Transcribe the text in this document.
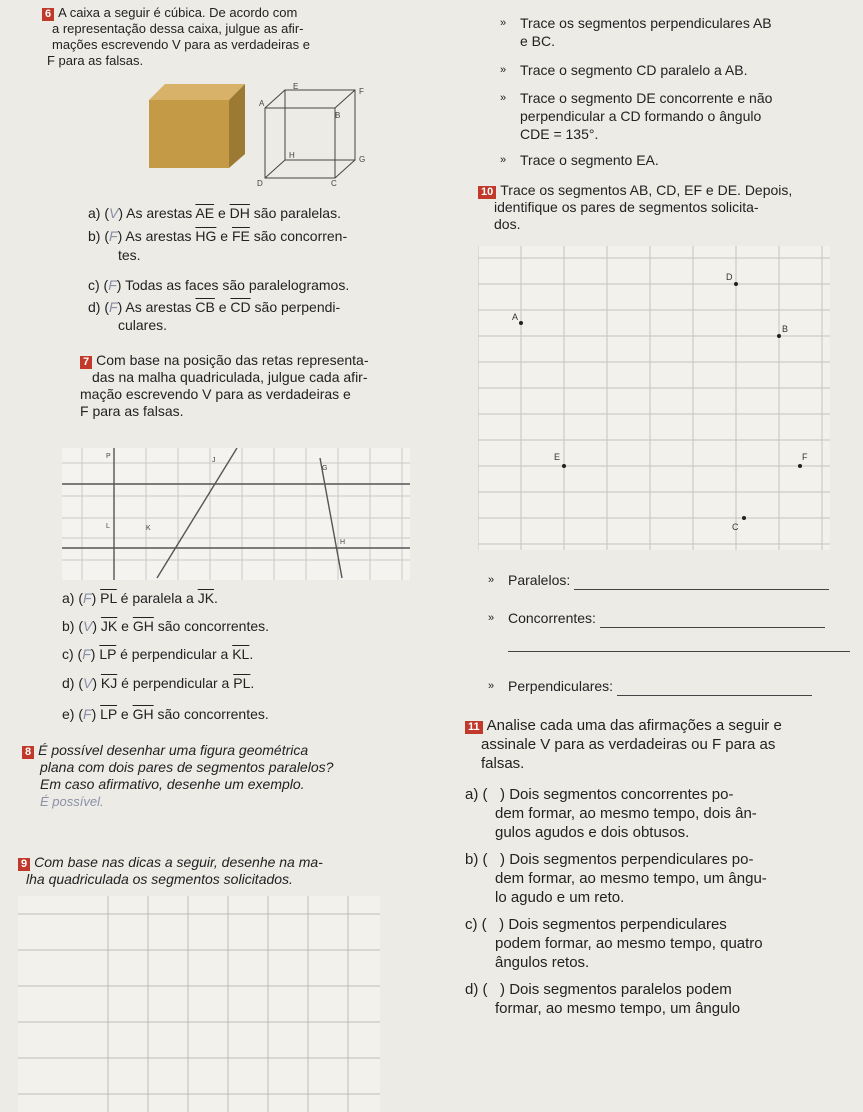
6 A caixa a seguir é cúbica. De acordo com
a representação dessa caixa, julgue as afir-
mações escrevendo V para as verdadeiras e
F para as falsas.
E
F
A
B
H	G
D	C
a) (V) As arestas $\overline{AE}$ e $\overline{DH}$ são paralelas.
b) (F) As arestas $\overline{HG}$ e $\overline{FE}$ são concorren-
tes.
c) (F) Todas as faces são paralelogramos.
d) (F) As arestas $\overline{CB}$ e $\overline{CD}$ são perpendi-
culares.
7 Com base na posição das retas representa-
das na malha quadriculada, julgue cada afir-
mação escrevendo V para as verdadeiras e
F para as falsas.
P
J
G
L	K
H
a) (F) $\overline{PL}$ é paralela a $\overline{JK}$.
b) (V) $\overline{JK}$ e $\overline{GH}$ são concorrentes.
c) (F) $\overline{LP}$ é perpendicular a $\overline{KL}$.
d) (V) $\overline{KJ}$ é perpendicular a $\overline{PL}$.
e) (F) $\overline{LP}$ e $\overline{GH}$ são concorrentes.
8 É possível desenhar uma figura geométrica
plana com dois pares de segmentos paralelos?
Em caso afirmativo, desenhe um exemplo.
É possível.
9 Com base nas dicas a seguir, desenhe na ma-
lha quadriculada os segmentos solicitados.
» Trace os segmentos perpendiculares AB
e BC.
» Trace o segmento CD paralelo a AB.
» Trace o segmento DE concorrente e não
perpendicular a CD formando o ângulo
CDE = 135°.
» Trace o segmento EA.
10 Trace os segmentos AB, CD, EF e DE. Depois,
identifique os pares de segmentos solicita-
dos.
D
A
B
E	F
C
» Paralelos:
» Concorrentes:

» Perpendiculares:
11 Analise cada uma das afirmações a seguir e
assinale V para as verdadeiras ou F para as
falsas.
a) (   ) Dois segmentos concorrentes po-
dem formar, ao mesmo tempo, dois ân-
gulos agudos e dois obtusos.
b) (   ) Dois segmentos perpendiculares po-
dem formar, ao mesmo tempo, um ângu-
lo agudo e um reto.
c) (   ) Dois segmentos perpendiculares
podem formar, ao mesmo tempo, quatro
ângulos retos.
d) (   ) Dois segmentos paralelos podem
formar, ao mesmo tempo, um ângulo
